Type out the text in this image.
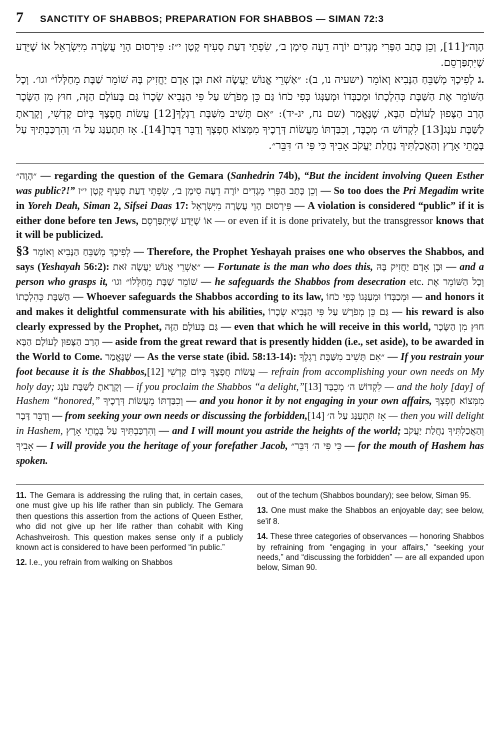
7	SANCTITY OF SHABBOS; PREPARATION FOR SHABBOS — SIMAN 72:3

הָוָה״[11], וְכֵן כָּתַב הַפְּרִי מְגָדִים יוֹרֶה דֵעָה סִימָן ב׳, שִׂפְתֵי דַעַת סְעִיף קָטָן י״ז: פִּירְסוּם הָוֵי עֲשָׂרָה מִיִּשְׂרָאֵל אוֹ שֶׁיֵּדַע שֶׁיִּתְפַּרְסֵם.

ג. לְפִיכָךְ מְשַׁבֵּחַ הַנָּבִיא וְאוֹמֵר (ישעיה נו, ב): ״אַשְׁרֵי אֱנוֹשׁ יַעֲשֶׂה זֹּאת וּבֶן אָדָם יַחֲזִיק בָּהּ שׁוֹמֵר שַׁבָּת מֵחַלְּלוֹ״ וגו׳. וְכָל הַשּׁוֹמֵר אֶת הַשַּׁבָּת כְּהִלְכָתוֹ וּמְכַבְּדוֹ וּמְעַנְּגוֹ כְּפִי כֹחוֹ גַּם כֵּן מְפֹרָשׁ עַל פִּי הַנָּבִיא שְׂכָרוֹ גַּם בָּעוֹלָם הַזֶּה, חוּץ מִן הַשָּׂכָר הָרַב הַצָּפוּן לָעוֹלָם הַבָּא, שֶׁנֶּאֱמַר (שם נח, יג-יד): ״אִם תָּשִׁיב מִשַּׁבָּת רַגְלֶךָ[12] עֲשׂוֹת חֲפָצֶךָ בְּיוֹם קָדְשִׁי, וְקָרָאתָ לַשַּׁבָּת עֹנֶג[13] לִקְדוֹשׁ ה׳ מְכֻבָּד, וְכִבַּדְתּוֹ מֵעֲשׂוֹת דְּרָכֶיךָ מִמְּצוֹא חֶפְצְךָ וְדַבֵּר דָּבָר[14]. אָז תִּתְעַנַּג עַל ה׳ וְהִרְכַּבְתִּיךָ עַל בָּמֳתֵי אָרֶץ וְהַאֲכַלְתִּיךָ נַחֲלַת יַעֲקֹב אָבִיךָ כִּי פִּי ה׳ דִּבֵּר״.

״הָוָה״ — regarding the question of the Gemara (Sanhedrin 74b), “But the incident involving Queen Esther was public?!” וְכֵן כָּתַב הַפְּרִי מְגָדִים יוֹרֶה דֵעָה סִימָן ב׳, שִׂפְתֵי דַעַת סְעִיף קָטָן י״ז — So too does the Pri Megadim write in Yoreh Deah, Siman 2, Sifsei Daas 17: פִּירְסוּם הָוֵי עֲשָׂרָה מִיִּשְׂרָאֵל — A violation is considered “public” if it is either done before ten Jews, אוֹ שֶׁיֵּדַע שֶׁיִּתְפַּרְסֵם — or even if it is done privately, but the transgressor knows that it will be publicized.

§3 לְפִיכָךְ מְשַׁבֵּחַ הַנָּבִיא וְאוֹמֵר — Therefore, the Prophet Yeshayah praises one who observes the Shabbos, and says (Yeshayah 56:2): ״אַשְׁרֵי אֱנוֹשׁ יַעֲשֶׂה זֹּאת — Fortunate is the man who does this, וּבֶן אָדָם יַחֲזִיק בָּהּ — and a person who grasps it, שׁוֹמֵר שַׁבָּת מֵחַלְּלוֹ״ וגו׳ — he safeguards the Shabbos from desecration etc. וְכָל הַשּׁוֹמֵר אֶת הַשַּׁבָּת כְּהִלְכָתוֹ — Whoever safeguards the Shabbos according to its law, וּמְכַבְּדוֹ וּמְעַנְּגוֹ כְּפִי כֹחוֹ — and honors it and makes it delightful commensurate with his abilities, גַּם כֵּן מְפֹרָשׁ עַל פִּי הַנָּבִיא שְׂכָרוֹ — his reward is also clearly expressed by the Prophet, גַּם בָּעוֹלָם הַזֶּה — even that which he will receive in this world, חוּץ מִן הַשָּׂכָר הָרַב הַצָּפוּן לָעוֹלָם הַבָּא — aside from the great reward that is presently hidden (i.e., set aside), to be awarded in the World to Come. שֶׁנֶּאֱמַר — As the verse state (ibid. 58:13-14): ״אִם תָּשִׁיב מִשַּׁבָּת רַגְלֶךָ — If you restrain your foot because it is the Shabbos,[12] עֲשׂוֹת חֲפָצֶךָ בְּיוֹם קָדְשִׁי — refrain from accomplishing your own needs on My holy day; וְקָרָאתָ לַשַּׁבָּת עֹנֶג — if you proclaim the Shabbos “a delight,”[13] לִקְדוֹשׁ ה׳ מְכֻבָּד — and the holy [day] of Hashem “honored,” וְכִבַּדְתּוֹ מֵעֲשׂוֹת דְּרָכֶיךָ — and you honor it by not engaging in your own affairs, מִמְּצוֹא חֶפְצְךָ וְדַבֵּר דָּבָר — from seeking your own needs or discussing the forbidden,[14] אָז תִּתְעַנַּג עַל ה׳ — then you will delight in Hashem, וְהִרְכַּבְתִּיךָ עַל בָּמֳתֵי אָרֶץ — and I will mount you astride the heights of the world; וְהַאֲכַלְתִּיךָ נַחֲלַת יַעֲקֹב אָבִיךָ — I will provide you the heritage of your forefather Jacob, כִּי פִּי ה׳ דִּבֵּר״ — for the mouth of Hashem has spoken.

11. The Gemara is addressing the ruling that, in certain cases, one must give up his life rather than sin publicly. The Gemara then questions this assertion from the actions of Queen Esther, who did not give up her life rather than cohabit with King Achashveirosh. This question makes sense only if a publicly known act is considered to have been performed “in public.”

12. I.e., you refrain from walking on Shabbos

out of the techum (Shabbos boundary); see below, Siman 95.

13. One must make the Shabbos an enjoyable day; see below, se'if 8.

14. These three categories of observances — honoring Shabbos by refraining from “engaging in your affairs,” “seeking your needs,” and “discussing the forbidden” — are all expanded upon below, Siman 90.
